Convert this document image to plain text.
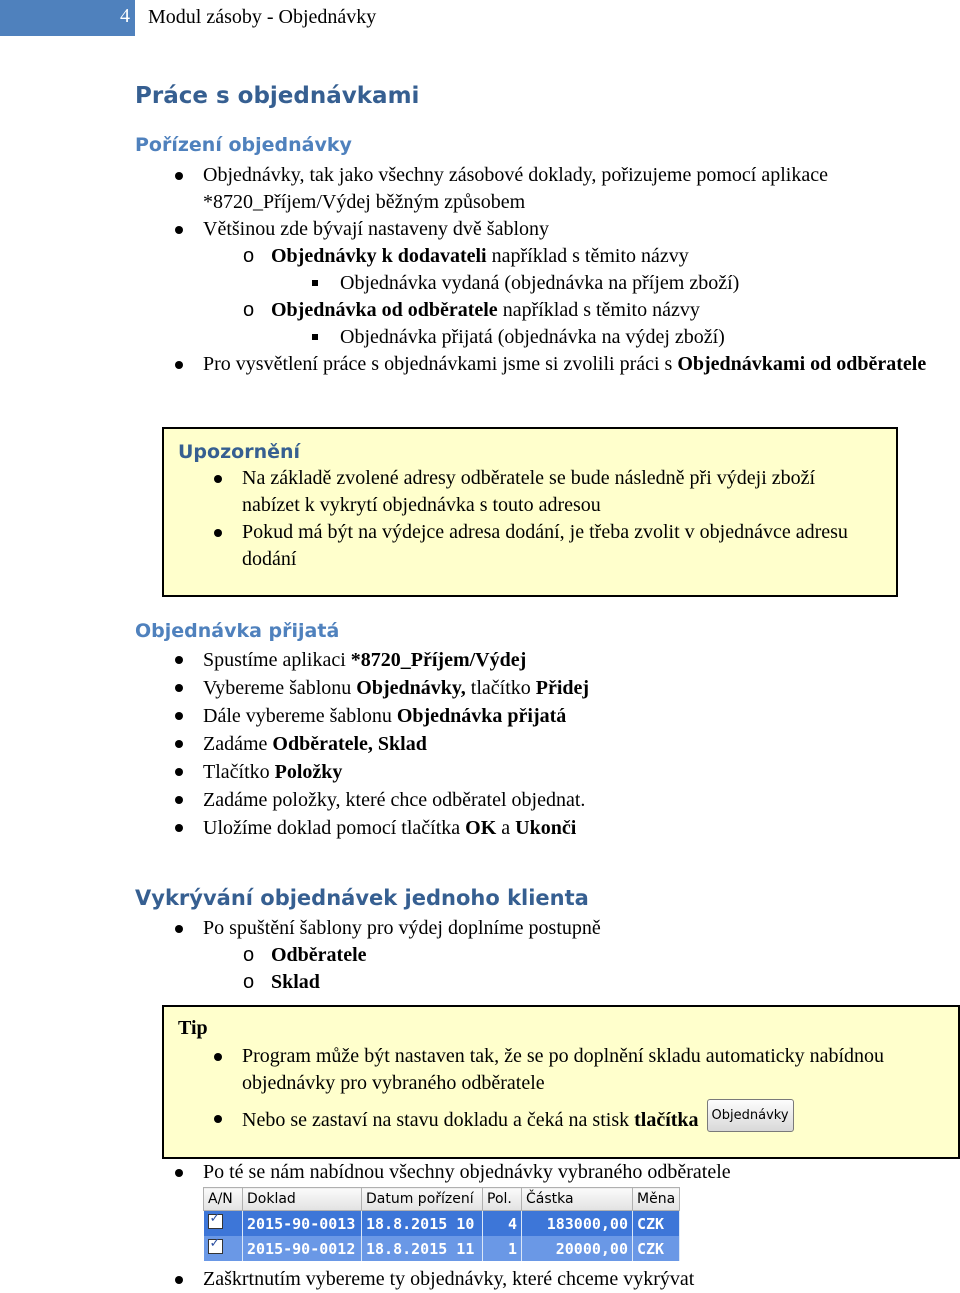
4 Modul zásoby - Objednávky
Práce s objednávkami
Pořízení objednávky
Objednávky, tak jako všechny zásobové doklady, pořizujeme pomocí aplikace *8720_Příjem/Výdej běžným způsobem
Většinou zde bývají nastaveny dvě šablony
o Objednávky k dodavateli například s těmito názvy
Objednávka vydaná (objednávka na příjem zboží)
o Objednávka od odběratele například s těmito názvy
Objednávka přijatá (objednávka na výdej zboží)
Pro vysvětlení práce s objednávkami jsme si zvolili práci s Objednávkami od odběratele
Upozornění
Na základě zvolené adresy odběratele se bude následně při výdeji zboží nabízet k vykrytí objednávka s touto adresou
Pokud má být na výdejce adresa dodání, je třeba zvolit v objednávce adresu dodání
Objednávka přijatá
Spustíme aplikaci *8720_Příjem/Výdej
Vybereme šablonu Objednávky, tlačítko Přidej
Dále vybereme šablonu Objednávka přijatá
Zadáme Odběratele, Sklad
Tlačítko Položky
Zadáme položky, které chce odběratel objednat.
Uložíme doklad pomocí tlačítka OK a Ukonči
Vykrývání objednávek jednoho klienta
Po spuštění šablony pro výdej doplníme postupně
o Odběratele
o Sklad
Tip
Program může být nastaven tak, že se po doplnění skladu automaticky nabídnou objednávky pro vybraného odběratele
Nebo se zastaví na stavu dokladu a čeká na stisk tlačítka Objednávky
Po té se nám nabídnou všechny objednávky vybraného odběratele
A/N	Doklad	Datum pořízení	Pol.	Částka	Měna
✓	2015-90-0013	18.8.2015 10	4	183000,00	CZK
✓	2015-90-0012	18.8.2015 11	1	20000,00	CZK
Zaškrtnutím vybereme ty objednávky, které chceme vykrývat
